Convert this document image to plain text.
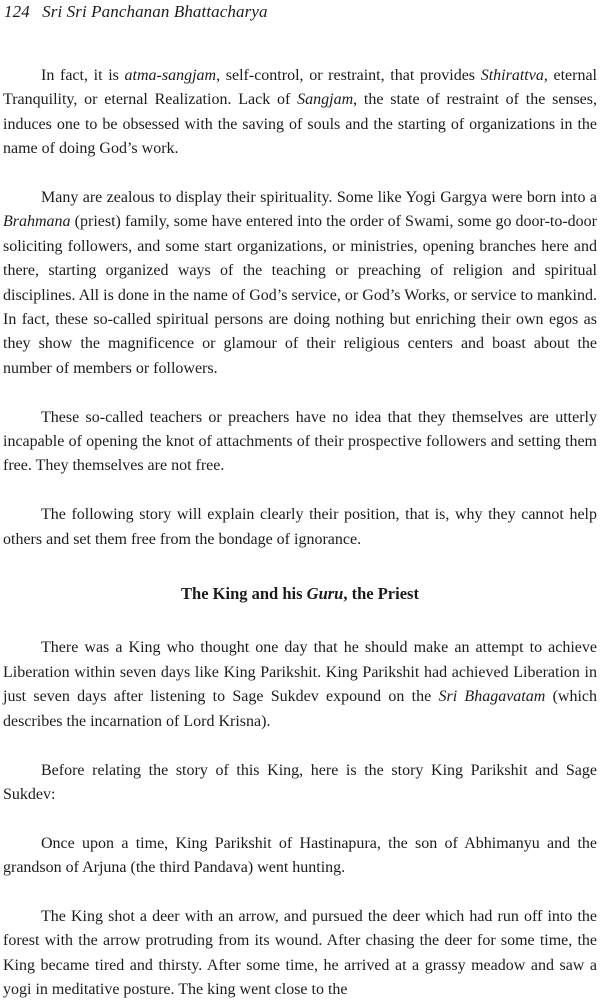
124 Sri Sri Panchanan Bhattacharya

In fact, it is atma-sangjam, self-control, or restraint, that provides Sthirattva, eternal Tranquility, or eternal Realization. Lack of Sangjam, the state of restraint of the senses, induces one to be obsessed with the saving of souls and the starting of organizations in the name of doing God’s work.

Many are zealous to display their spirituality. Some like Yogi Gargya were born into a Brahmana (priest) family, some have entered into the order of Swami, some go door-to-door soliciting followers, and some start organizations, or ministries, opening branches here and there, starting organized ways of the teaching or preaching of religion and spiritual disciplines. All is done in the name of God’s service, or God’s Works, or service to mankind. In fact, these so-called spiritual persons are doing nothing but enriching their own egos as they show the magnificence or glamour of their religious centers and boast about the number of members or followers.

These so-called teachers or preachers have no idea that they themselves are utterly incapable of opening the knot of attachments of their prospective followers and setting them free. They themselves are not free.

The following story will explain clearly their position, that is, why they cannot help others and set them free from the bondage of ignorance.

The King and his Guru, the Priest

There was a King who thought one day that he should make an attempt to achieve Liberation within seven days like King Parikshit. King Parikshit had achieved Liberation in just seven days after listening to Sage Sukdev expound on the Sri Bhagavatam (which describes the incarnation of Lord Krisna).

Before relating the story of this King, here is the story King Parikshit and Sage Sukdev:

Once upon a time, King Parikshit of Hastinapura, the son of Abhimanyu and the grandson of Arjuna (the third Pandava) went hunting.

The King shot a deer with an arrow, and pursued the deer which had run off into the forest with the arrow protruding from its wound. After chasing the deer for some time, the King became tired and thirsty. After some time, he arrived at a grassy meadow and saw a yogi in meditative posture. The king went close to the
